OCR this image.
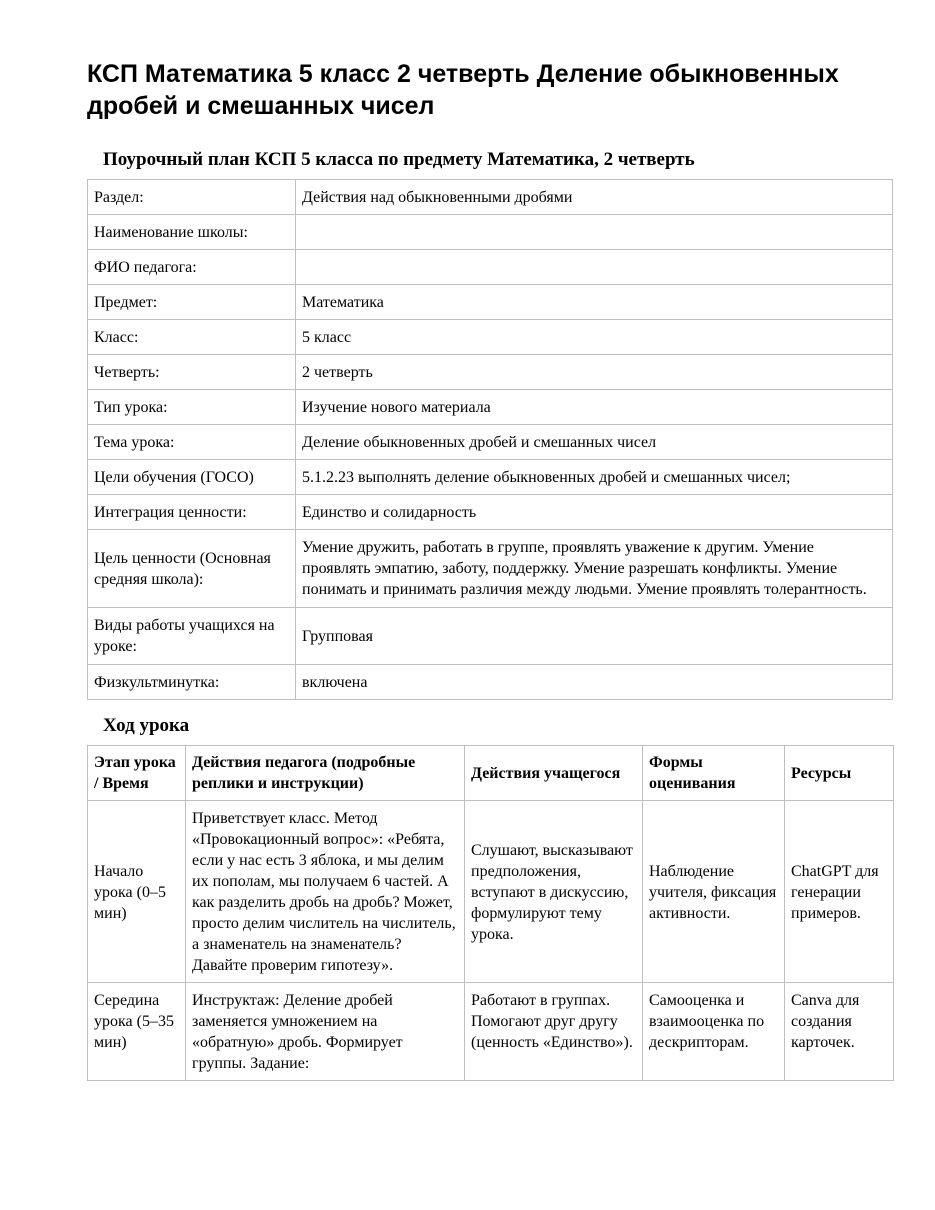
КСП Математика 5 класс 2 четверть Деление обыкновенных дробей и смешанных чисел
Поурочный план КСП 5 класса по предмету Математика, 2 четверть
Раздел:	Действия над обыкновенными дробями
Наименование школы:	
ФИО педагога:	
Предмет:	Математика
Класс:	5 класс
Четверть:	2 четверть
Тип урока:	Изучение нового материала
Тема урока:	Деление обыкновенных дробей и смешанных чисел
Цели обучения (ГОСО)	5.1.2.23 выполнять деление обыкновенных дробей и смешанных чисел;
Интеграция ценности:	Единство и солидарность
Цель ценности (Основная средняя школа):	Умение дружить, работать в группе, проявлять уважение к другим. Умение проявлять эмпатию, заботу, поддержку. Умение разрешать конфликты. Умение понимать и принимать различия между людьми. Умение проявлять толерантность.
Виды работы учащихся на уроке:	Групповая
Физкультминутка:	включена
Ход урока
Этап урока / Время	Действия педагога (подробные реплики и инструкции)	Действия учащегося	Формы оценивания	Ресурсы
Начало урока (0–5 мин)	Приветствует класс. Метод «Провокационный вопрос»: «Ребята, если у нас есть 3 яблока, и мы делим их пополам, мы получаем 6 частей. А как разделить дробь на дробь? Может, просто делим числитель на числитель, а знаменатель на знаменатель? Давайте проверим гипотезу».	Слушают, высказывают предположения, вступают в дискуссию, формулируют тему урока.	Наблюдение учителя, фиксация активности.	ChatGPT для генерации примеров.
Середина урока (5–35 мин)	Инструктаж: Деление дробей заменяется умножением на «обратную» дробь. Формирует группы. Задание:	Работают в группах. Помогают друг другу (ценность «Единство»).	Самооценка и взаимооценка по дескрипторам.	Canva для создания карточек.
